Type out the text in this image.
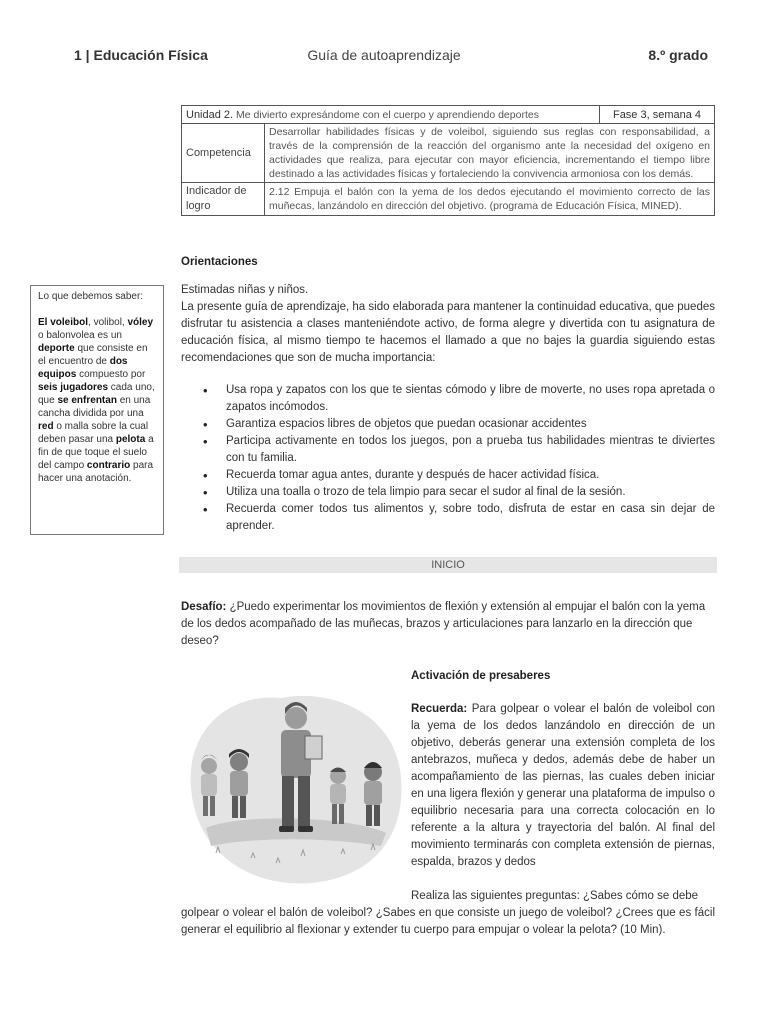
1 | Educación Física	Guía de autoaprendizaje	8.º grado
Unidad 2. Me divierto expresándome con el cuerpo y aprendiendo deportes		Fase 3, semana 4
Competencia	Desarrollar habilidades físicas y de voleibol, siguiendo sus reglas con responsabilidad, a través de la comprensión de la reacción del organismo ante la necesidad del oxígeno en actividades que realiza, para ejecutar con mayor eficiencia, incrementando el tiempo libre destinado a las actividades físicas y fortaleciendo la convivencia armoniosa con los demás.	
Indicador de logro	2.12 Empuja el balón con la yema de los dedos ejecutando el movimiento correcto de las muñecas, lanzándolo en dirección del objetivo. (programa de Educación Física, MINED).	
Orientaciones
Estimadas niñas y niños.
La presente guía de aprendizaje, ha sido elaborada para mantener la continuidad educativa, que puedes disfrutar tu asistencia a clases manteniéndote activo, de forma alegre y divertida con tu asignatura de educación física, al mismo tiempo te hacemos el llamado a que no bajes la guardia siguiendo estas recomendaciones que son de mucha importancia:
• Usa ropa y zapatos con los que te sientas cómodo y libre de moverte, no uses ropa apretada o zapatos incómodos.
• Garantiza espacios libres de objetos que puedan ocasionar accidentes
• Participa activamente en todos los juegos, pon a prueba tus habilidades mientras te diviertes con tu familia.
• Recuerda tomar agua antes, durante y después de hacer actividad física.
• Utiliza una toalla o trozo de tela limpio para secar el sudor al final de la sesión.
• Recuerda comer todos tus alimentos y, sobre todo, disfruta de estar en casa sin dejar de aprender.
Lo que debemos saber:
El voleibol, volibol, vóley o balonvolea es un deporte que consiste en el encuentro de dos equipos compuesto por seis jugadores cada uno, que se enfrentan en una cancha dividida por una red o malla sobre la cual deben pasar una pelota a fin de que toque el suelo del campo contrario para hacer una anotación.
INICIO
Desafío: ¿Puedo experimentar los movimientos de flexión y extensión al empujar el balón con la yema de los dedos acompañado de las muñecas, brazos y articulaciones para lanzarlo en la dirección que deseo?
Activación de presaberes
Recuerda: Para golpear o volear el balón de voleibol con la yema de los dedos lanzándolo en dirección de un objetivo, deberás generar una extensión completa de los antebrazos, muñeca y dedos, además debe de haber un acompañamiento de las piernas, las cuales deben iniciar en una ligera flexión y generar una plataforma de impulso o equilibrio necesaria para una correcta colocación en lo referente a la altura y trayectoria del balón. Al final del movimiento terminarás con completa extensión de piernas, espalda, brazos y dedos
Realiza las siguientes preguntas: ¿Sabes cómo se debe
golpear o volear el balón de voleibol? ¿Sabes en que consiste un juego de voleibol? ¿Crees que es fácil generar el equilibrio al flexionar y extender tu cuerpo para empujar o volear la pelota? (10 Min).
